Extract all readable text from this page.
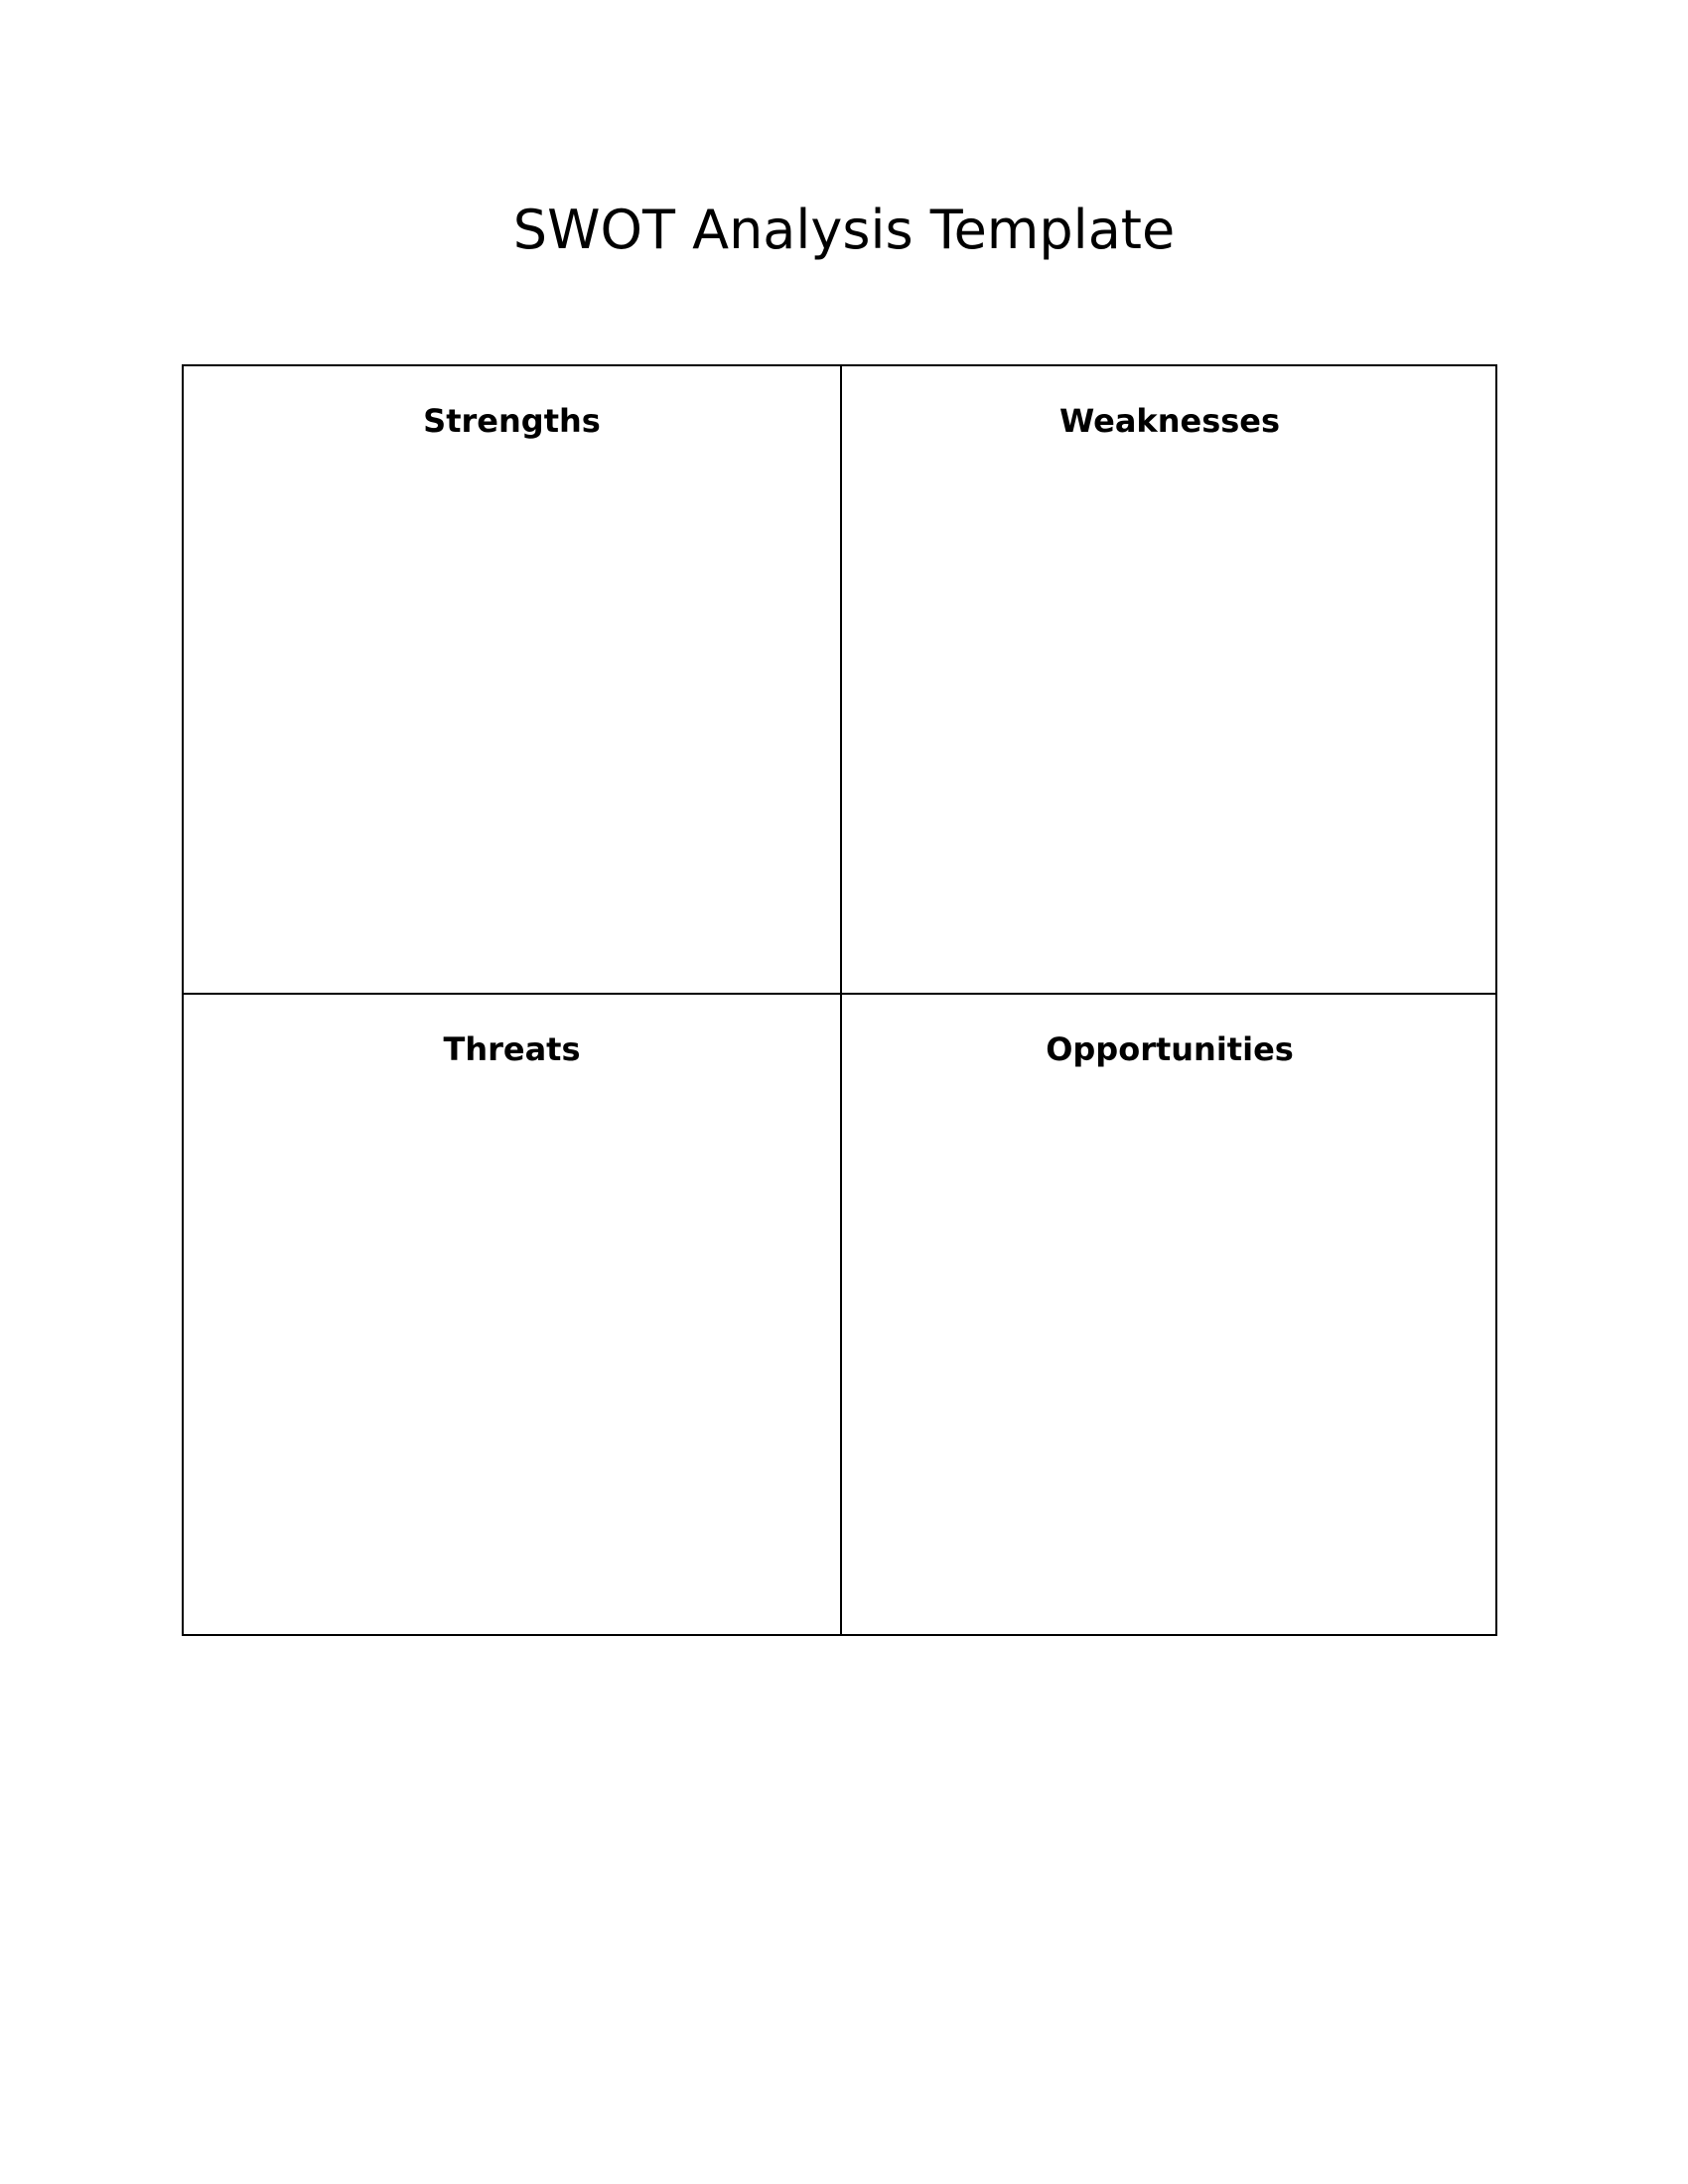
SWOT Analysis Template
Strengths	Weaknesses
Threats	Opportunities
